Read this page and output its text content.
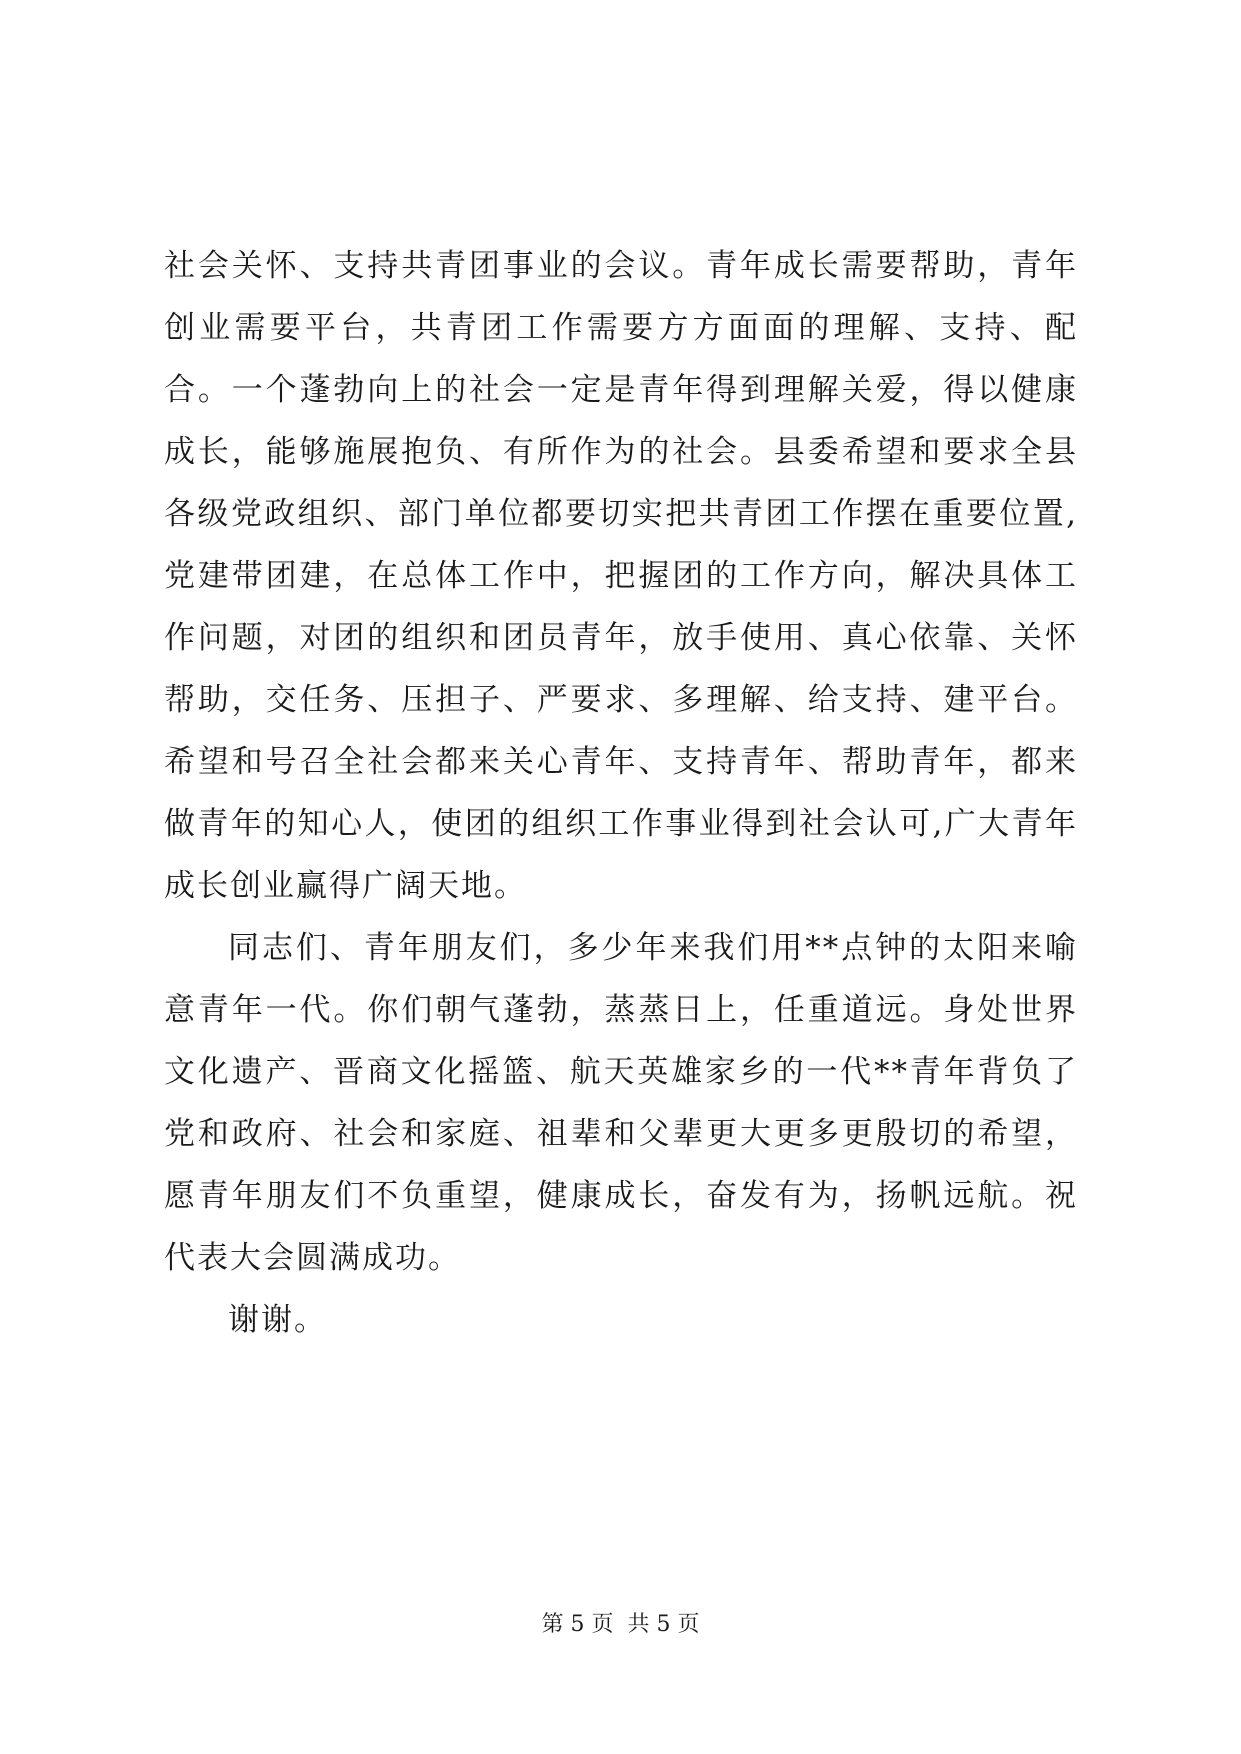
社会关怀、支持共青团事业的会议。青年成长需要帮助，青年创业需要平台，共青团工作需要方方面面的理解、支持、配合。一个蓬勃向上的社会一定是青年得到理解关爱，得以健康成长，能够施展抱负、有所作为的社会。县委希望和要求全县各级党政组织、部门单位都要切实把共青团工作摆在重要位置,党建带团建，在总体工作中，把握团的工作方向，解决具体工作问题，对团的组织和团员青年，放手使用、真心依靠、关怀帮助，交任务、压担子、严要求、多理解、给支持、建平台。希望和号召全社会都来关心青年、支持青年、帮助青年，都来做青年的知心人，使团的组织工作事业得到社会认可,广大青年成长创业赢得广阔天地。

同志们、青年朋友们，多少年来我们用**点钟的太阳来喻意青年一代。你们朝气蓬勃，蒸蒸日上，任重道远。身处世界文化遗产、晋商文化摇篮、航天英雄家乡的一代**青年背负了党和政府、社会和家庭、祖辈和父辈更大更多更殷切的希望，愿青年朋友们不负重望，健康成长，奋发有为，扬帆远航。祝代表大会圆满成功。

谢谢。

第 5 页 共 5 页
